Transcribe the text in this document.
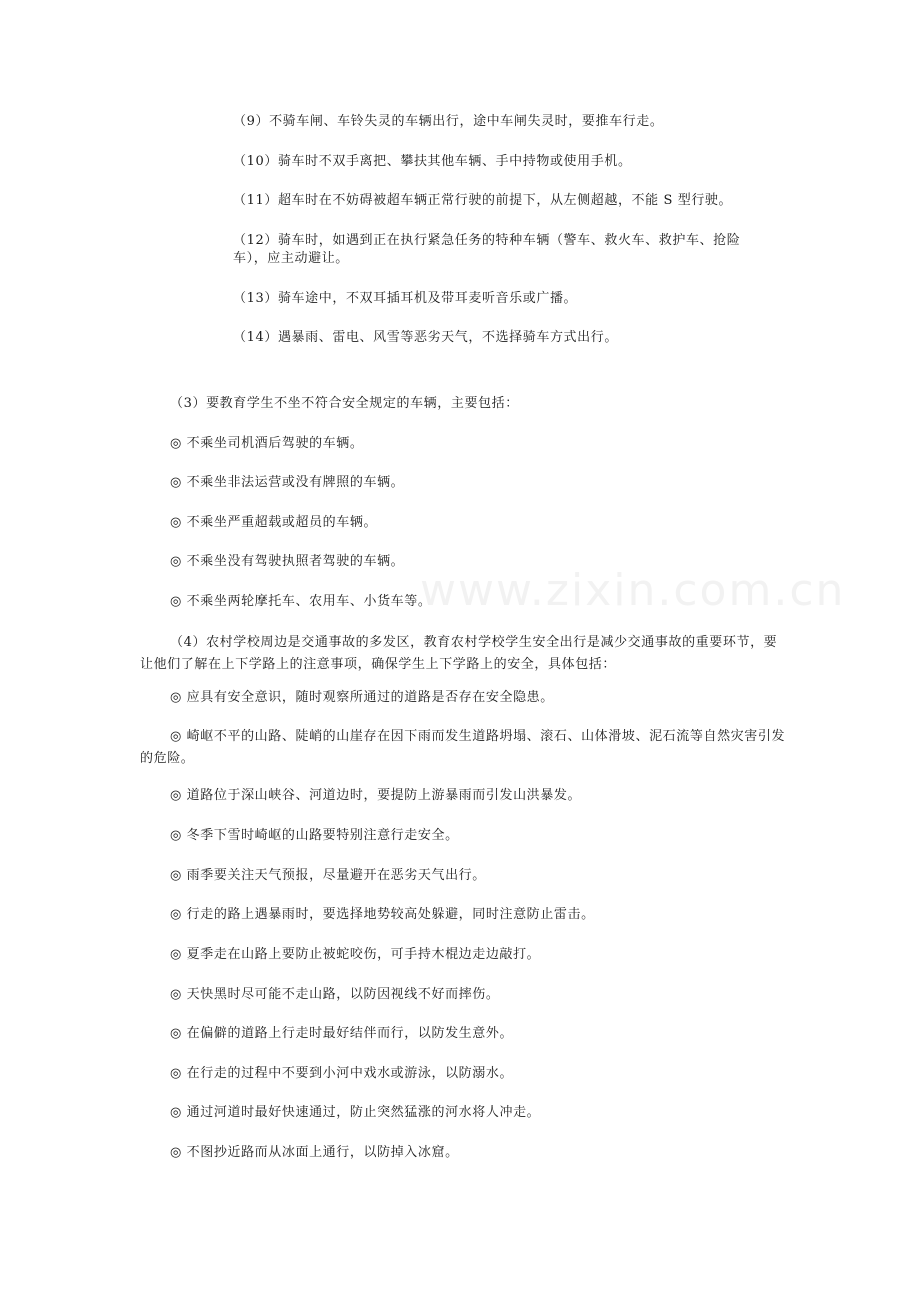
www.zixin.com.cn
（9）不骑车闸、车铃失灵的车辆出行，途中车闸失灵时，要推车行走。
（10）骑车时不双手离把、攀扶其他车辆、手中持物或使用手机。
（11）超车时在不妨碍被超车辆正常行驶的前提下，从左侧超越，不能 S 型行驶。
（12）骑车时，如遇到正在执行紧急任务的特种车辆（警车、救火车、救护车、抢险
车），应主动避让。
（13）骑车途中，不双耳插耳机及带耳麦听音乐或广播。
（14）遇暴雨、雷电、风雪等恶劣天气，不选择骑车方式出行。
（3）要教育学生不坐不符合安全规定的车辆，主要包括：
◎ 不乘坐司机酒后驾驶的车辆。
◎ 不乘坐非法运营或没有牌照的车辆。
◎ 不乘坐严重超载或超员的车辆。
◎ 不乘坐没有驾驶执照者驾驶的车辆。
◎ 不乘坐两轮摩托车、农用车、小货车等。
（4）农村学校周边是交通事故的多发区，教育农村学校学生安全出行是减少交通事故的重要环节，要让他们了解在上下学路上的注意事项，确保学生上下学路上的安全，具体包括：
◎ 应具有安全意识，随时观察所通过的道路是否存在安全隐患。
◎ 崎岖不平的山路、陡峭的山崖存在因下雨而发生道路坍塌、滚石、山体滑坡、泥石流等自然灾害引发的危险。
◎ 道路位于深山峡谷、河道边时，要提防上游暴雨而引发山洪暴发。
◎ 冬季下雪时崎岖的山路要特别注意行走安全。
◎ 雨季要关注天气预报，尽量避开在恶劣天气出行。
◎ 行走的路上遇暴雨时，要选择地势较高处躲避，同时注意防止雷击。
◎ 夏季走在山路上要防止被蛇咬伤，可手持木棍边走边敲打。
◎ 天快黑时尽可能不走山路，以防因视线不好而摔伤。
◎ 在偏僻的道路上行走时最好结伴而行，以防发生意外。
◎ 在行走的过程中不要到小河中戏水或游泳，以防溺水。
◎ 通过河道时最好快速通过，防止突然猛涨的河水将人冲走。
◎ 不图抄近路而从冰面上通行，以防掉入冰窟。
